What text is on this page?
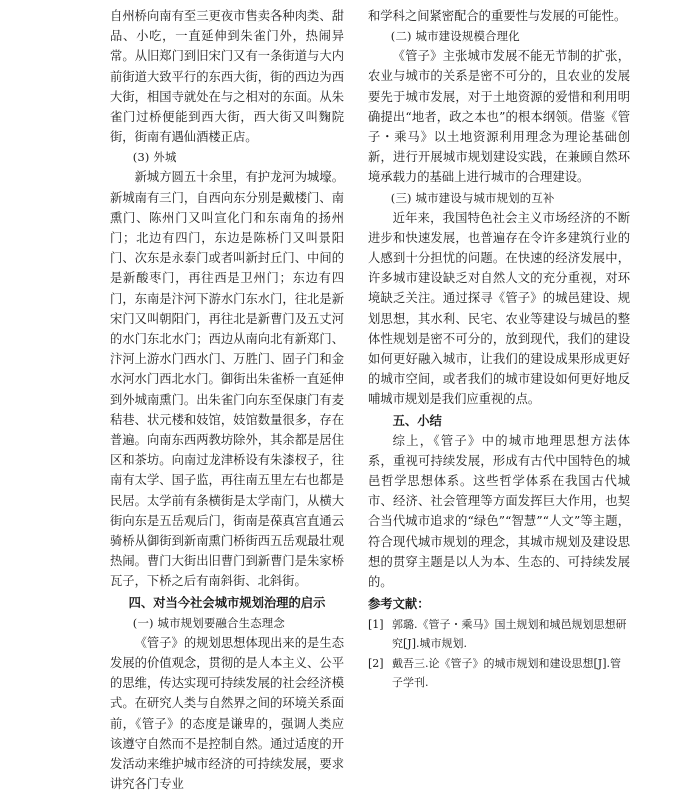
自州桥向南有至三更夜市售卖各种肉类、甜品、小吃，一直延伸到朱雀门外，热闹异常。从旧郑门到旧宋门又有一条街道与大内前街道大致平行的东西大街，街的西边为西大街，相国寺就处在与之相对的东面。从朱雀门过桥便能到西大街，西大街又叫麴院街，街南有遇仙酒楼正店。

(3) 外城

新城方圆五十余里，有护龙河为城壕。新城南有三门，自西向东分别是戴楼门、南熏门、陈州门又叫宣化门和东南角的扬州门；北边有四门，东边是陈桥门又叫景阳门、次东是永泰门或者叫新封丘门、中间的是新酸枣门，再往西是卫州门；东边有四门，东南是汴河下游水门东水门，往北是新宋门又叫朝阳门，再往北是新曹门及五丈河的水门东北水门；西边从南向北有新郑门、汴河上游水门西水门、万胜门、固子门和金水河水门西北水门。御街出朱雀桥一直延伸到外城南熏门。出朱雀门向东至保康门有麦秸巷、状元楼和妓馆，妓馆数量很多，存在普遍。向南东西两教坊除外，其余都是居住区和茶坊。向南过龙津桥设有朱漆杈子，往南有太学、国子监，再往南五里左右也都是民居。太学前有条横街是太学南门，从横大街向东是五岳观后门，街南是葆真宫直通云骑桥从御街到新南熏门桥街西五岳观最壮观热闹。曹门大街出旧曹门到新曹门是朱家桥瓦子，下桥之后有南斜街、北斜街。

四、对当今社会城市规划治理的启示

(一) 城市规划要融合生态理念

《管子》的规划思想体现出来的是生态发展的价值观念，贯彻的是人本主义、公平的思维，传达实现可持续发展的社会经济模式。在研究人类与自然界之间的环境关系面前，《管子》的态度是谦卑的，强调人类应该遵守自然而不是控制自然。通过适度的开发活动来维护城市经济的可持续发展，要求讲究各门专业

和学科之间紧密配合的重要性与发展的可能性。

(二) 城市建设规模合理化

《管子》主张城市发展不能无节制的扩张，农业与城市的关系是密不可分的，且农业的发展要先于城市发展，对于土地资源的爱惜和利用明确提出“地者，政之本也”的根本纲领。借鉴《管子・乘马》以土地资源利用理念为理论基础创新，进行开展城市规划建设实践，在兼顾自然环境承载力的基础上进行城市的合理建设。

(三) 城市建设与城市规划的互补

近年来，我国特色社会主义市场经济的不断进步和快速发展，也普遍存在令许多建筑行业的人感到十分担忧的问题。在快速的经济发展中，许多城市建设缺乏对自然人文的充分重视，对环境缺乏关注。通过探寻《管子》的城邑建设、规划思想，其水利、民宅、农业等建设与城邑的整体性规划是密不可分的，放到现代，我们的建设如何更好融入城市，让我们的建设成果形成更好的城市空间，或者我们的城市建设如何更好地反哺城市规划是我们应重视的点。

五、小结

综上，《管子》中的城市地理思想方法体系，重视可持续发展，形成有古代中国特色的城邑哲学思想体系。这些哲学体系在我国古代城市、经济、社会管理等方面发挥巨大作用，也契合当代城市追求的“绿色”“智慧”“人文”等主题，符合现代城市规划的理念，其城市规划及建设思想的贯穿主题是以人为本、生态的、可持续发展的。

参考文献：
[1] 郭璐.《管子・乘马》国土规划和城邑规划思想研究[J].城市规划.
[2] 戴吾三.论《管子》的城市规划和建设思想[J].管子学刊.
